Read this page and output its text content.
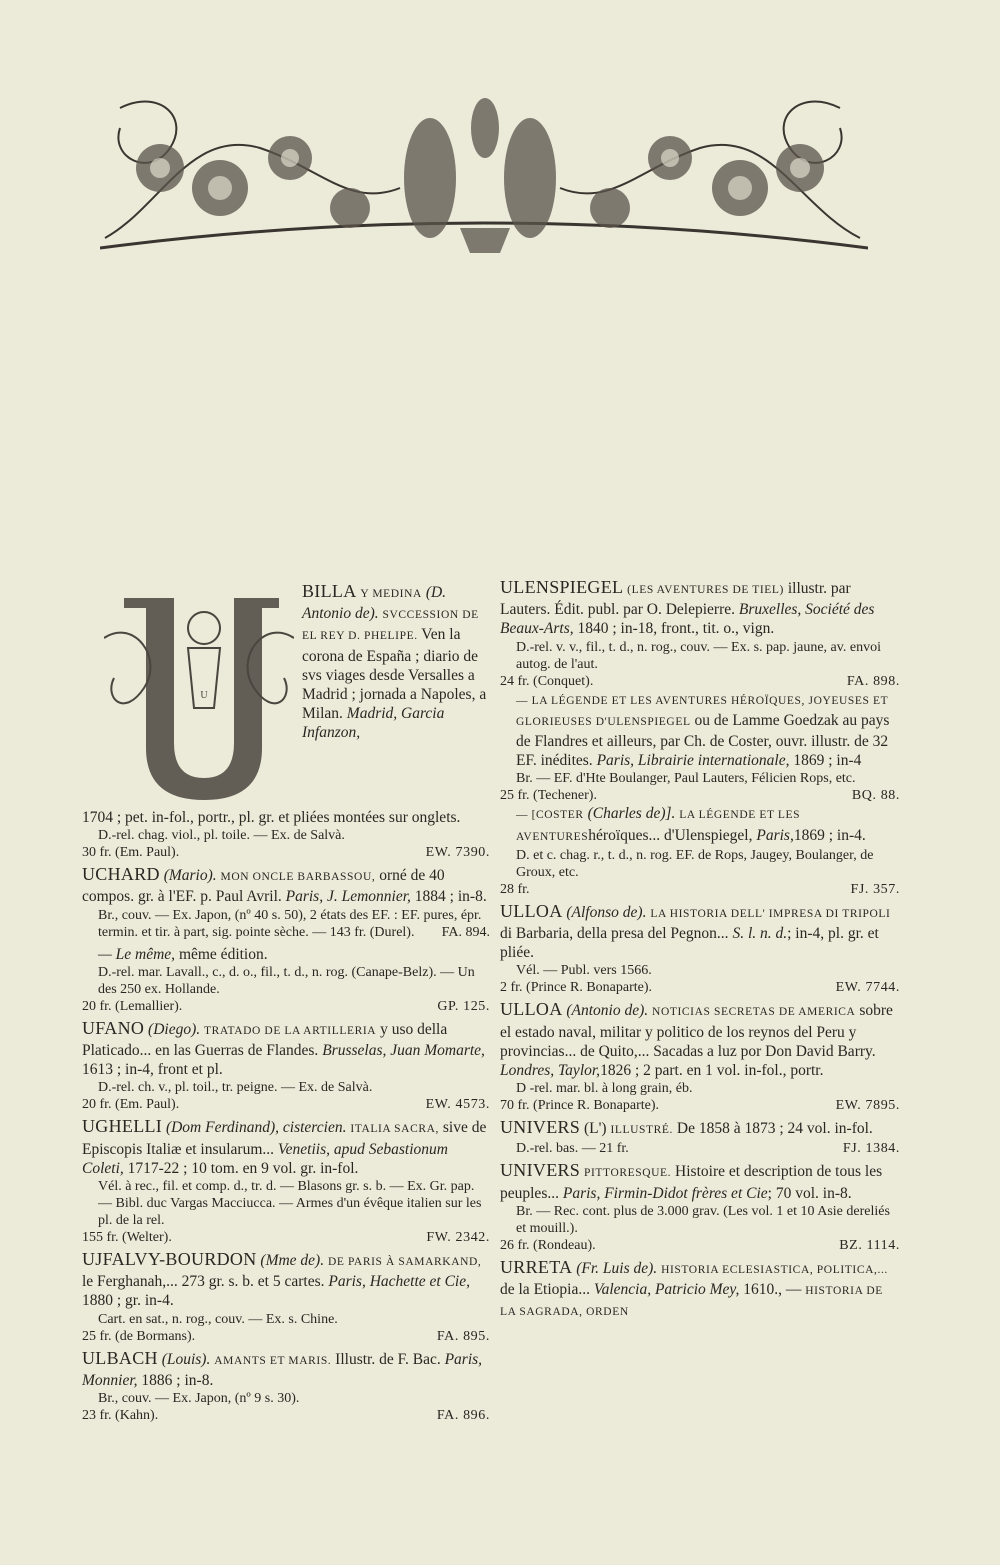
U
BILLA Y MEDINA (D. Antonio de). SVCCESSION DE EL REY D. PHELIPE. Ven la corona de España ; diario de svs viages desde Versalles a Madrid ; jornada a Napoles, a Milan. Madrid, Garcia Infanzon,

1704 ; pet. in-fol., portr., pl. gr. et pliées montées sur onglets.

D.-rel. chag. viol., pl. toile. — Ex. de Salvà.

30 fr. (Em. Paul).	EW. 7390.

UCHARD (Mario). MON ONCLE BARBASSOU, orné de 40 compos. gr. à l'EF. p. Paul Avril. Paris, J. Lemonnier, 1884 ; in-8.

Br., couv. — Ex. Japon, (nº 40 s. 50), 2 états des EF. : EF. pures, épr. termin. et tir. à part, sig. pointe sèche. — 143 fr. (Durel). FA. 894.

— Le même, même édition.

D.-rel. mar. Lavall., c., d. o., fil., t. d., n. rog. (Canape-Belz). — Un des 250 ex. Hollande.

20 fr. (Lemallier).	GP. 125.

UFANO (Diego). TRATADO DE LA ARTILLERIA y uso della Platicado... en las Guerras de Flandes. Brusselas, Juan Momarte, 1613 ; in-4, front et pl.

D.-rel. ch. v., pl. toil., tr. peigne. — Ex. de Salvà.

20 fr. (Em. Paul).	EW. 4573.

UGHELLI (Dom Ferdinand), cistercien. ITALIA SACRA, sive de Episcopis Italiæ et insularum... Venetiis, apud Sebastionum Coleti, 1717-22 ; 10 tom. en 9 vol. gr. in-fol.

Vél. à rec., fil. et comp. d., tr. d. — Blasons gr. s. b. — Ex. Gr. pap. — Bibl. duc Vargas Macciucca. — Armes d'un évêque italien sur les pl. de la rel.

155 fr. (Welter).	FW. 2342.

UJFALVY-BOURDON (Mme de). DE PARIS À SAMARKAND, le Ferghanah,... 273 gr. s. b. et 5 cartes. Paris, Hachette et Cie, 1880 ; gr. in-4.

Cart. en sat., n. rog., couv. — Ex. s. Chine.

25 fr. (de Bormans).	FA. 895.

ULBACH (Louis). AMANTS ET MARIS. Illustr. de F. Bac. Paris, Monnier, 1886 ; in-8.

Br., couv. — Ex. Japon, (nº 9 s. 30).

23 fr. (Kahn).	FA. 896.

ULENSPIEGEL (LES AVENTURES DE TIEL) illustr. par Lauters. Édit. publ. par O. Delepierre. Bruxelles, Société des Beaux-Arts, 1840 ; in-18, front., tit. o., vign.

D.-rel. v. v., fil., t. d., n. rog., couv. — Ex. s. pap. jaune, av. envoi autog. de l'aut.

24 fr. (Conquet).	FA. 898.

— LA LÉGENDE ET LES AVENTURES HÉROÏQUES, JOYEUSES ET GLORIEUSES D'ULENSPIEGEL ou de Lamme Goedzak au pays de Flandres et ailleurs, par Ch. de Coster, ouvr. illustr. de 32 EF. inédites. Paris, Librairie internationale, 1869 ; in-4

Br. — EF. d'Hte Boulanger, Paul Lauters, Félicien Rops, etc.

25 fr. (Techener).	BQ. 88.

— [COSTER (Charles de)]. LA LÉGENDE ET LES AVENTUREShéroïques... d'Ulenspiegel, Paris,1869 ; in-4.

D. et c. chag. r., t. d., n. rog. EF. de Rops, Jaugey, Boulanger, de Groux, etc.

28 fr.	FJ. 357.

ULLOA (Alfonso de). LA HISTORIA DELL' IMPRESA DI TRIPOLI di Barbaria, della presa del Pegnon... S. l. n. d.; in-4, pl. gr. et pliée.

Vél. — Publ. vers 1566.

2 fr. (Prince R. Bonaparte).	EW. 7744.

ULLOA (Antonio de). NOTICIAS SECRETAS DE AMERICA sobre el estado naval, militar y politico de los reynos del Peru y provincias... de Quito,... Sacadas a luz por Don David Barry. Londres, Taylor,1826 ; 2 part. en 1 vol. in-fol., portr.

D -rel. mar. bl. à long grain, éb.

70 fr. (Prince R. Bonaparte).	EW. 7895.

UNIVERS (L') ILLUSTRÉ. De 1858 à 1873 ; 24 vol. in-fol.

D.-rel. bas. — 21 fr.	FJ. 1384.

UNIVERS PITTORESQUE. Histoire et description de tous les peuples... Paris, Firmin-Didot frères et Cie; 70 vol. in-8.

Br. — Rec. cont. plus de 3.000 grav. (Les vol. 1 et 10 Asie dereliés et mouill.).

26 fr. (Rondeau).	BZ. 1114.

URRETA (Fr. Luis de). HISTORIA ECLESIASTICA, POLITICA,... de la Etiopia... Valencia, Patricio Mey, 1610., — HISTORIA DE LA SAGRADA, ORDEN
